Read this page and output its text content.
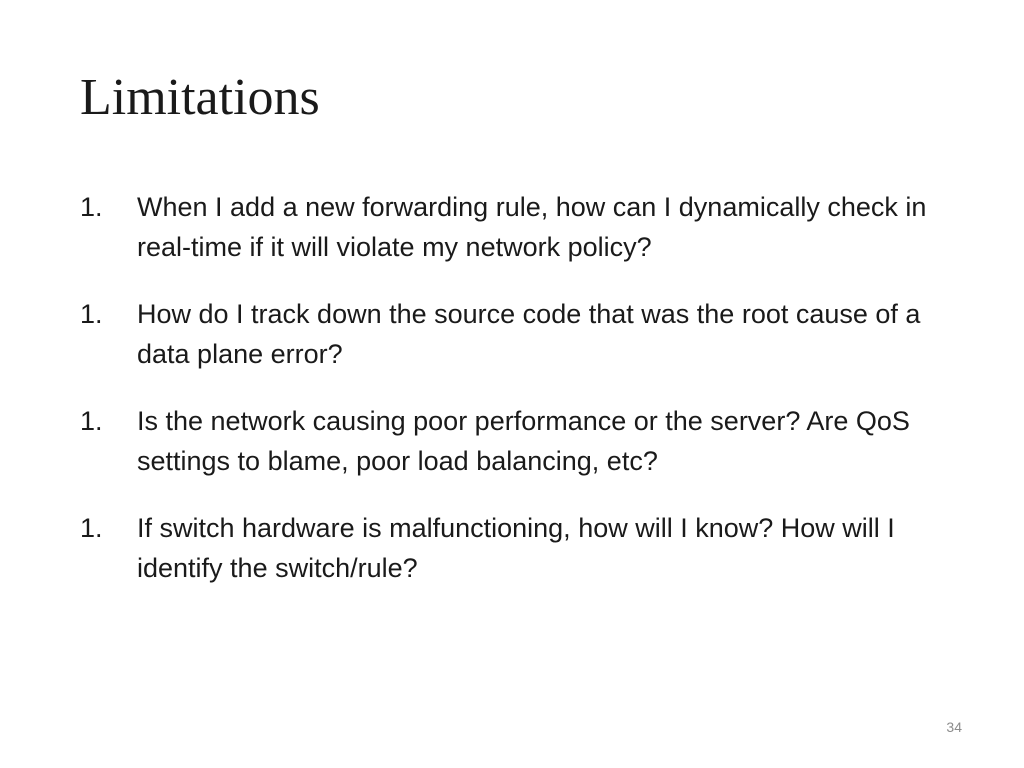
Limitations
1.	When I add a new forwarding rule, how can I dynamically check in real-time if it will violate my network policy?
1.	How do I track down the source code that was the root cause of a data plane error?
1.	Is the network causing poor performance or the server? Are QoS settings to blame, poor load balancing, etc?
1.	If switch hardware is malfunctioning, how will I know? How will I identify the switch/rule?
34
